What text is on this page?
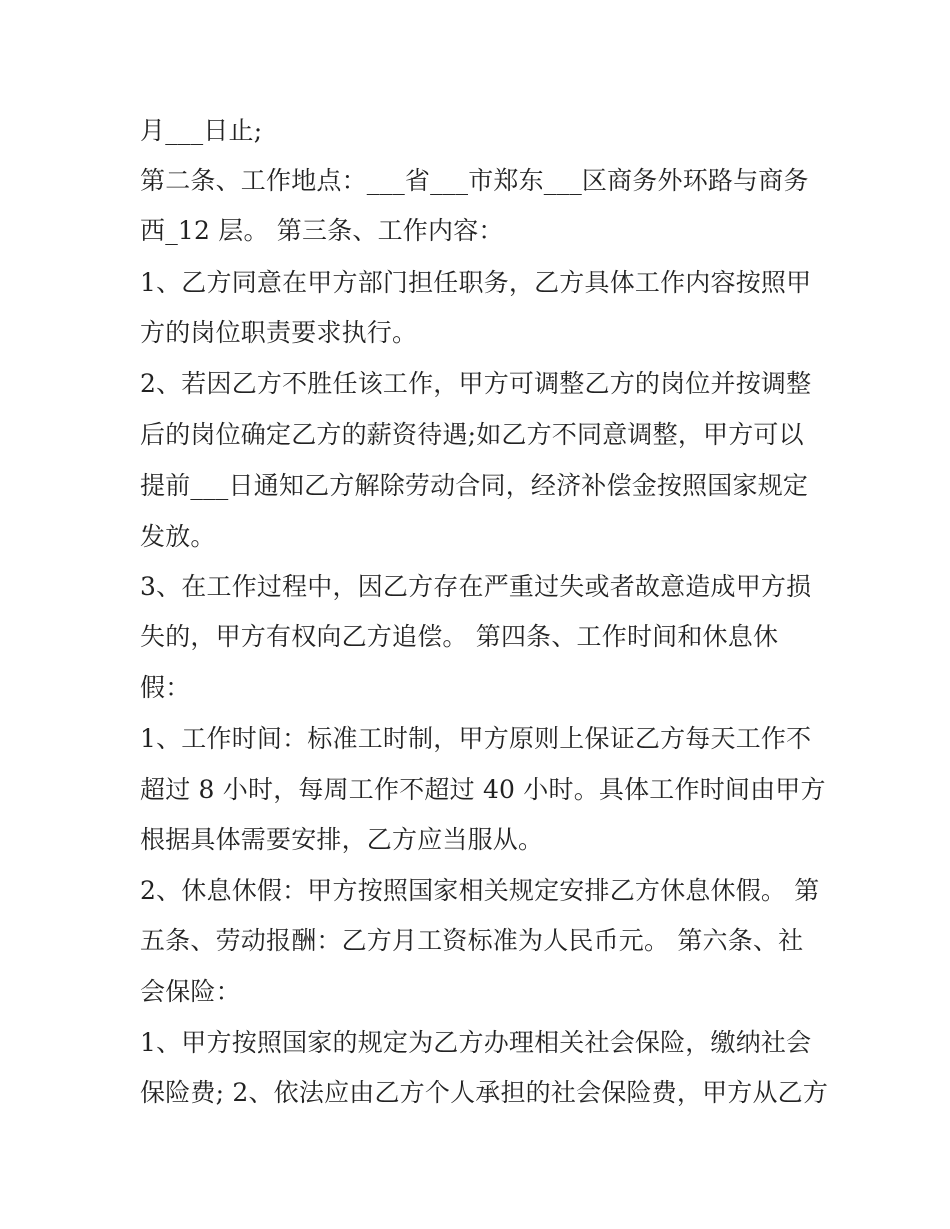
月___日止;
第二条、工作地点：___省___市郑东___区商务外环路与商务
西_12 层。 第三条、工作内容：
1、乙方同意在甲方部门担任职务，乙方具体工作内容按照甲
方的岗位职责要求执行。
2、若因乙方不胜任该工作，甲方可调整乙方的岗位并按调整
后的岗位确定乙方的薪资待遇;如乙方不同意调整，甲方可以
提前___日通知乙方解除劳动合同，经济补偿金按照国家规定
发放。
3、在工作过程中，因乙方存在严重过失或者故意造成甲方损
失的，甲方有权向乙方追偿。 第四条、工作时间和休息休
假：
1、工作时间：标准工时制，甲方原则上保证乙方每天工作不
超过 8 小时，每周工作不超过 40 小时。具体工作时间由甲方
根据具体需要安排，乙方应当服从。
2、休息休假：甲方按照国家相关规定安排乙方休息休假。 第
五条、劳动报酬：乙方月工资标准为人民币元。 第六条、社
会保险：
1、甲方按照国家的规定为乙方办理相关社会保险，缴纳社会
保险费; 2、依法应由乙方个人承担的社会保险费，甲方从乙方
